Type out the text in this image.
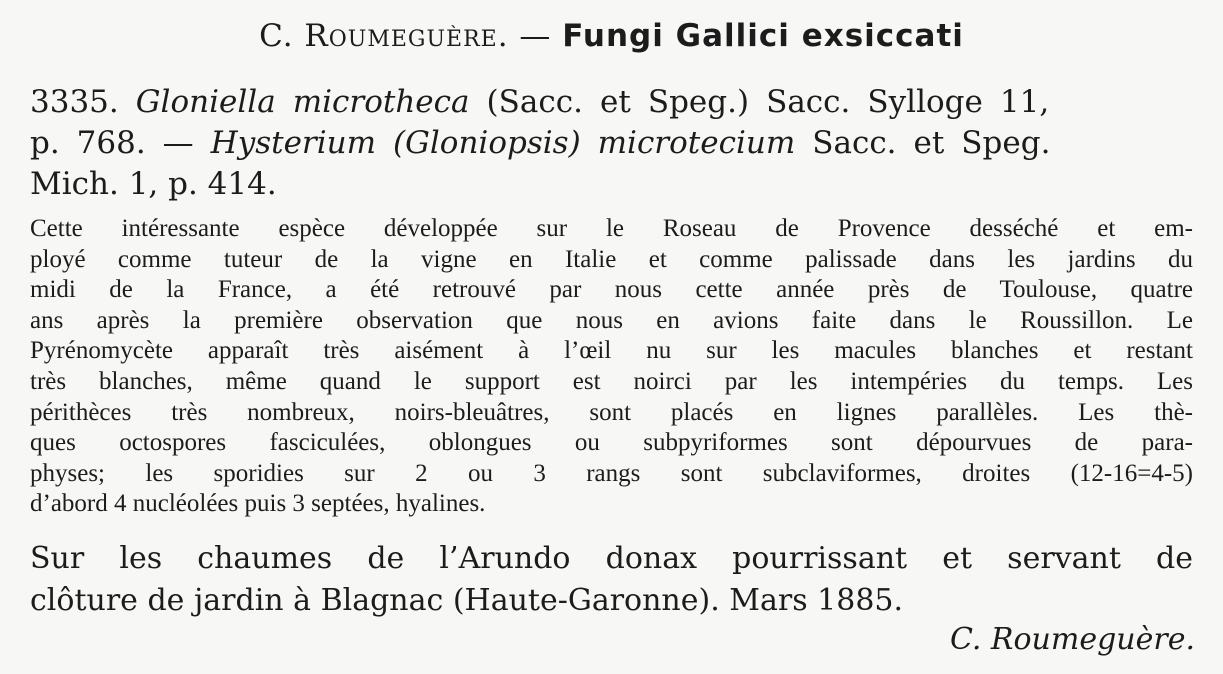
C. Roumeguère. — Fungi Gallici exsiccati
3335. Gloniella microtheca (Sacc. et Speg.) Sacc. Sylloge 11,
p. 768. — Hysterium (Gloniopsis) microtecium Sacc. et Speg.
Mich. 1, p. 414.
Cette intéressante espèce développée sur le Roseau de Provence desséché et em-
ployé comme tuteur de la vigne en Italie et comme palissade dans les jardins du
midi de la France, a été retrouvé par nous cette année près de Toulouse, quatre
ans après la première observation que nous en avions faite dans le Roussillon. Le
Pyrénomycète apparaît très aisément à l’œil nu sur les macules blanches et restant
très blanches, même quand le support est noirci par les intempéries du temps. Les
périthèces très nombreux, noirs-bleuâtres, sont placés en lignes parallèles. Les thè-
ques octospores fasciculées, oblongues ou subpyriformes sont dépourvues de para-
physes; les sporidies sur 2 ou 3 rangs sont subclaviformes, droites (12-16=4-5)
d’abord 4 nucléolées puis 3 septées, hyalines.
Sur les chaumes de l’Arundo donax pourrissant et servant de
clôture de jardin à Blagnac (Haute-Garonne). Mars 1885.
C. Roumeguère.
